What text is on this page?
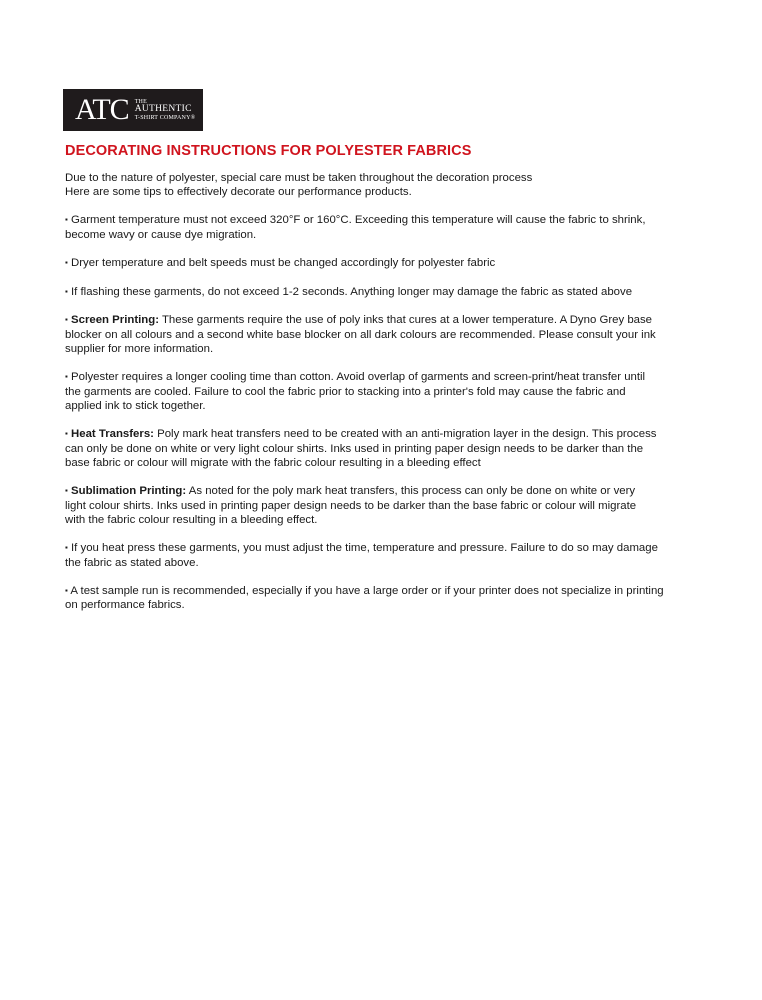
ATC THE
AUTHENTIC
T-SHIRT COMPANY®
DECORATING INSTRUCTIONS FOR POLYESTER FABRICS

Due to the nature of polyester, special care must be taken throughout the decoration process

Here are some tips to effectively decorate our performance products.

▪ Garment temperature must not exceed 320°F or 160°C. Exceeding this temperature will cause the fabric to shrink,

become wavy or cause dye migration.

▪ Dryer temperature and belt speeds must be changed accordingly for polyester fabric

▪ If flashing these garments, do not exceed 1-2 seconds. Anything longer may damage the fabric as stated above

▪ Screen Printing: These garments require the use of poly inks that cures at a lower temperature. A Dyno Grey base

blocker on all colours and a second white base blocker on all dark colours are recommended. Please consult your ink

supplier for more information.

▪ Polyester requires a longer cooling time than cotton. Avoid overlap of garments and screen-print/heat transfer until

the garments are cooled. Failure to cool the fabric prior to stacking into a printer's fold may cause the fabric and

applied ink to stick together.

▪ Heat Transfers: Poly mark heat transfers need to be created with an anti-migration layer in the design. This process

can only be done on white or very light colour shirts. Inks used in printing paper design needs to be darker than the

base fabric or colour will migrate with the fabric colour resulting in a bleeding effect

▪ Sublimation Printing: As noted for the poly mark heat transfers, this process can only be done on white or very

light colour shirts. Inks used in printing paper design needs to be darker than the base fabric or colour will migrate

with the fabric colour resulting in a bleeding effect.

▪ If you heat press these garments, you must adjust the time, temperature and pressure. Failure to do so may damage

the fabric as stated above.

▪ A test sample run is recommended, especially if you have a large order or if your printer does not specialize in printing

on performance fabrics.
